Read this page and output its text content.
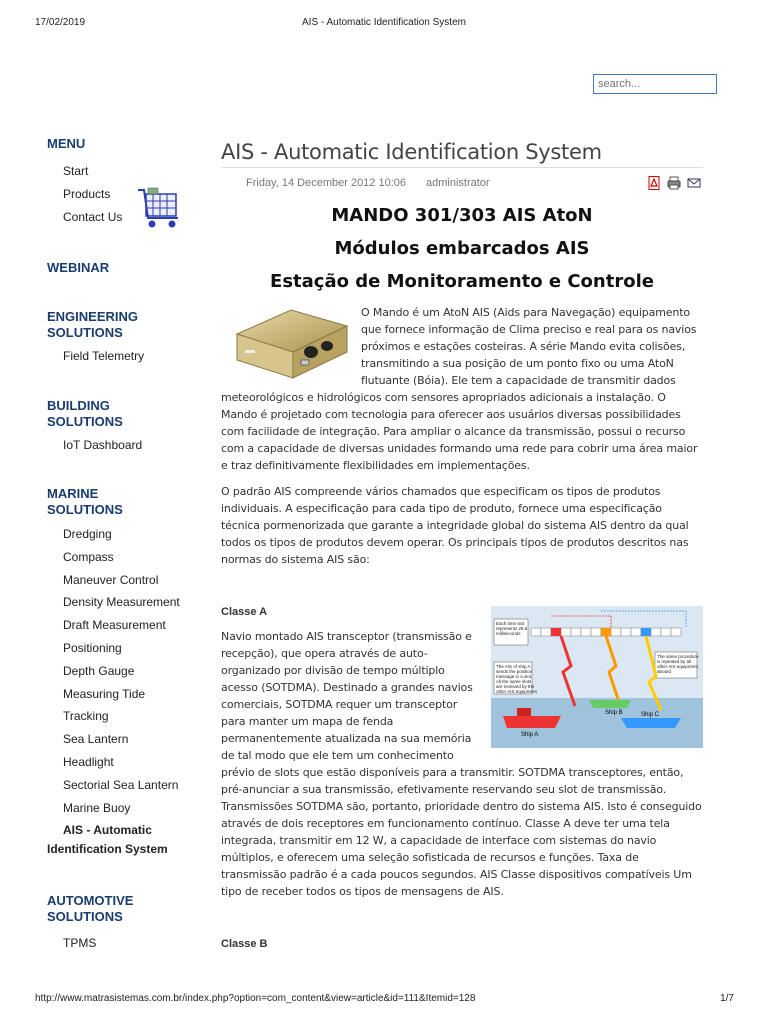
17/02/2019	AIS - Automatic Identification System
search...
MENU
Start
Products
Contact Us
WEBINAR
ENGINEERING
SOLUTIONS
Field Telemetry
BUILDING
SOLUTIONS
IoT Dashboard
MARINE
SOLUTIONS
Dredging
Compass
Maneuver Control
Density Measurement
Draft Measurement
Positioning
Depth Gauge
Measuring Tide
Tracking
Sea Lantern
Headlight
Sectorial Sea Lantern
Marine Buoy
AIS - Automatic
Identification System
AUTOMOTIVE
SOLUTIONS
TPMS
AIS - Automatic Identification System
Friday, 14 December 2012 10:06 administrator

MANDO 301/303 AIS AtoN
Módulos embarcados AIS
Estação de Monitoramento e Controle

O Mando é um AtoN AIS (Aids para Navegação) equipamento que fornece informação de Clima preciso e real para os navios próximos e estações costeiras. A série Mando evita colisões, transmitindo a sua posição de um ponto fixo ou uma AtoN flutuante (Bóia). Ele tem a capacidade de transmitir dados meteorológicos e hidrológicos com sensores apropriados adicionais a instalação. O Mando é projetado com tecnologia para oferecer aos usuários diversas possibilidades com facilidade de integração. Para ampliar o alcance da transmissão, possui o recurso com a capacidade de diversas unidades formando uma rede para cobrir uma área maior e traz definitivamente flexibilidades em implementações.

O padrão AIS compreende vários chamados que especificam os tipos de produtos individuais. A especificação para cada tipo de produto, fornece uma especificação técnica pormenorizada que garante a integridade global do sistema AIS dentro da qual todos os tipos de produtos devem operar. Os principais tipos de produtos descritos nas normas do sistema AIS são:

Each time slot represents 26.6 milliseconds
The AIS of ship A sends the position message in a slot. All the same slots are received by the other AIS equipment
The same procedure is repeated by all other AIS equipment aboard
Ship A
Ship B	Ship C
Classe A

Navio montado AIS transceptor (transmissão e recepção), que opera através de auto-organizado por divisão de tempo múltiplo acesso (SOTDMA). Destinado a grandes navios comerciais, SOTDMA requer um transceptor para manter um mapa de fenda permanentemente atualizada na sua memória de tal modo que ele tem um conhecimento prévio de slots que estão disponíveis para a transmitir. SOTDMA transceptores, então, pré-anunciar a sua transmissão, efetivamente reservando seu slot de transmissão. Transmissões SOTDMA são, portanto, prioridade dentro do sistema AIS. Isto é conseguido através de dois receptores em funcionamento contínuo. Classe A deve ter uma tela integrada, transmitir em 12 W, a capacidade de interface com sistemas do navio múltiplos, e oferecem uma seleção sofisticada de recursos e funções. Taxa de transmissão padrão é a cada poucos segundos. AIS Classe dispositivos compatíveis Um tipo de receber todos os tipos de mensagens de AIS.

Classe B
http://www.matrasistemas.com.br/index.php?option=com_content&view=article&id=111&Itemid=128	1/7
